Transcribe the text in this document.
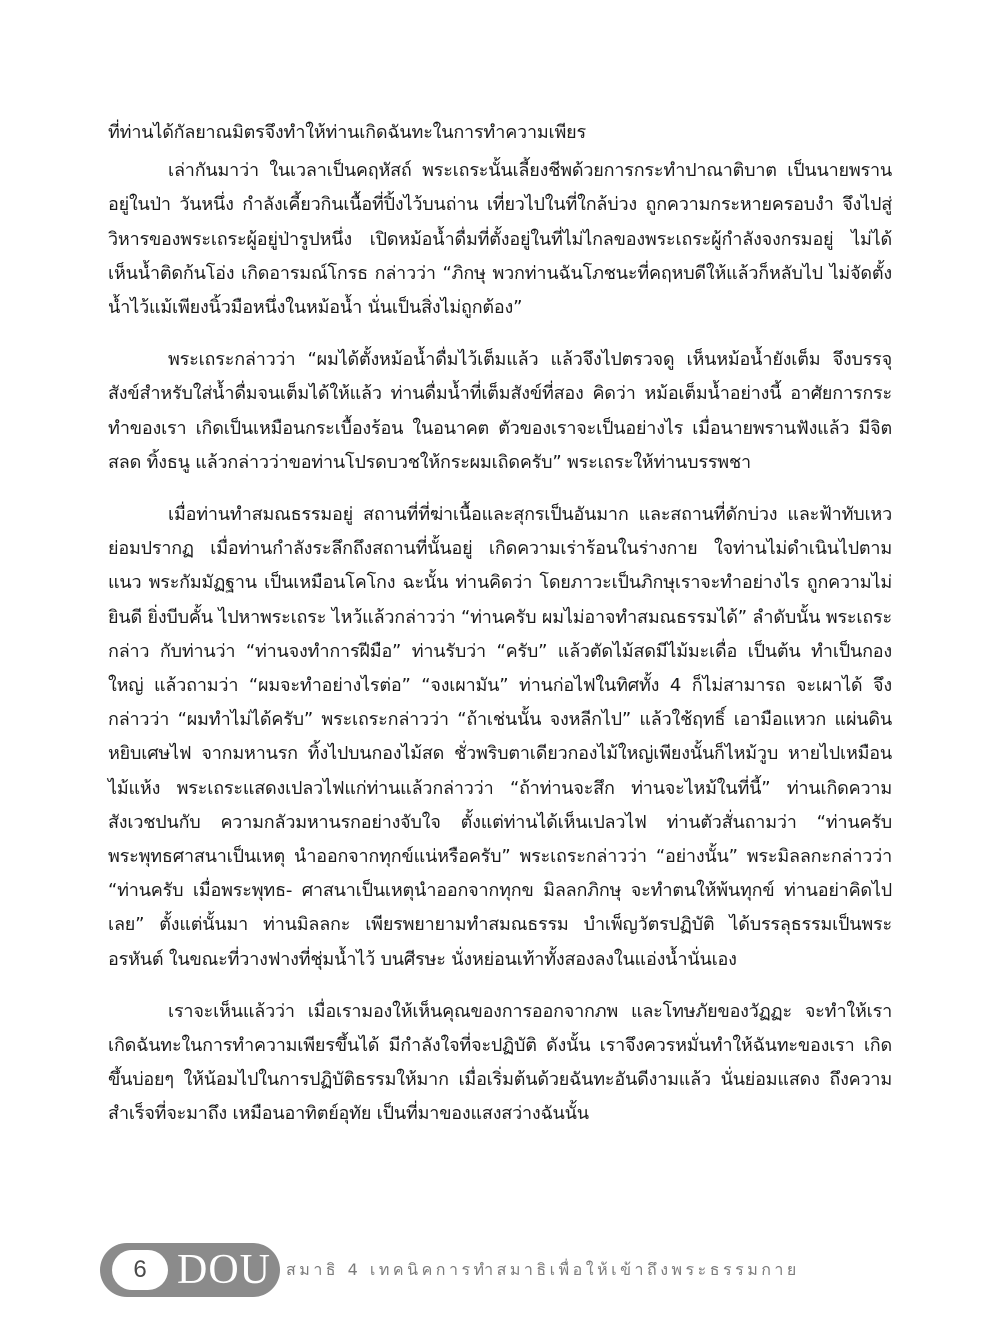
ที่ท่านได้กัลยาณมิตรจึงทำให้ท่านเกิดฉันทะในการทำความเพียร

เล่ากันมาว่า ในเวลาเป็นคฤหัสถ์ พระเถระนั้นเลี้ยงชีพด้วยการกระทำปาณาติบาต เป็นนายพรานอยู่ในป่า วันหนึ่ง กำลังเคี้ยวกินเนื้อที่ปิ้งไว้บนถ่าน เที่ยวไปในที่ใกล้บ่วง ถูกความกระหายครอบงำ จึงไปสู่วิหารของพระเถระผู้อยู่ป่ารูปหนึ่ง เปิดหม้อน้ำดื่มที่ตั้งอยู่ในที่ไม่ไกลของพระเถระผู้กำลังจงกรมอยู่ ไม่ได้เห็นน้ำติดก้นโอ่ง เกิดอารมณ์โกรธ กล่าวว่า “ภิกษุ พวกท่านฉันโภชนะที่คฤหบดีให้แล้วก็หลับไป ไม่จัดตั้งน้ำไว้แม้เพียงนิ้วมือหนึ่งในหม้อน้ำ นั่นเป็นสิ่งไม่ถูกต้อง”

พระเถระกล่าวว่า “ผมได้ตั้งหม้อน้ำดื่มไว้เต็มแล้ว แล้วจึงไปตรวจดู เห็นหม้อน้ำยังเต็ม จึงบรรจุสังข์สำหรับใส่น้ำดื่มจนเต็มได้ให้แล้ว ท่านดื่มน้ำที่เต็มสังข์ที่สอง คิดว่า หม้อเต็มน้ำอย่างนี้ อาศัยการกระทำของเรา เกิดเป็นเหมือนกระเบื้องร้อน ในอนาคต ตัวของเราจะเป็นอย่างไร เมื่อนายพรานฟังแล้ว มีจิตสลด ทิ้งธนู แล้วกล่าวว่าขอท่านโปรดบวชให้กระผมเถิดครับ” พระเถระให้ท่านบรรพชา

เมื่อท่านทำสมณธรรมอยู่ สถานที่ที่ฆ่าเนื้อและสุกรเป็นอันมาก และสถานที่ดักบ่วง และฟ้าทับเหว ย่อมปรากฏ เมื่อท่านกำลังระลึกถึงสถานที่นั้นอยู่ เกิดความเร่าร้อนในร่างกาย ใจท่านไม่ดำเนินไปตามแนว พระกัมมัฏฐาน เป็นเหมือนโคโกง ฉะนั้น ท่านคิดว่า โดยภาวะเป็นภิกษุเราจะทำอย่างไร ถูกความไม่ยินดี ยิ่งบีบคั้น ไปหาพระเถระ ไหว้แล้วกล่าวว่า “ท่านครับ ผมไม่อาจทำสมณธรรมได้” ลำดับนั้น พระเถระกล่าว กับท่านว่า “ท่านจงทำการฝีมือ” ท่านรับว่า “ครับ” แล้วตัดไม้สดมีไม้มะเดื่อ เป็นต้น ทำเป็นกองใหญ่ แล้วถามว่า “ผมจะทำอย่างไรต่อ” “จงเผามัน” ท่านก่อไฟในทิศทั้ง 4 ก็ไม่สามารถ จะเผาได้ จึงกล่าวว่า “ผมทำไม่ได้ครับ” พระเถระกล่าวว่า “ถ้าเช่นนั้น จงหลีกไป” แล้วใช้ฤทธิ์ เอามือแหวก แผ่นดิน หยิบเศษไฟ จากมหานรก ทิ้งไปบนกองไม้สด ชั่วพริบตาเดียวกองไม้ใหญ่เพียงนั้นก็ไหม้วูบ หายไปเหมือนไม้แห้ง พระเถระแสดงเปลวไฟแก่ท่านแล้วกล่าวว่า “ถ้าท่านจะสึก ท่านจะไหม้ในที่นี้” ท่านเกิดความสังเวชปนกับ ความกลัวมหานรกอย่างจับใจ ตั้งแต่ท่านได้เห็นเปลวไฟ ท่านตัวสั่นถามว่า “ท่านครับ พระพุทธศาสนาเป็นเหตุ นำออกจากทุกข์แน่หรือครับ” พระเถระกล่าวว่า “อย่างนั้น” พระมิลลกะกล่าวว่า “ท่านครับ เมื่อพระพุทธ- ศาสนาเป็นเหตุนำออกจากทุกข มิลลกภิกษุ จะทำตนให้พ้นทุกข์ ท่านอย่าคิดไปเลย” ตั้งแต่นั้นมา ท่านมิลลกะ เพียรพยายามทำสมณธรรม บำเพ็ญวัตรปฏิบัติ ได้บรรลุธรรมเป็นพระอรหันต์ ในขณะที่วางฟางที่ชุ่มน้ำไว้ บนศีรษะ นั่งหย่อนเท้าทั้งสองลงในแอ่งน้ำนั่นเอง

เราจะเห็นแล้วว่า เมื่อเรามองให้เห็นคุณของการออกจากภพ และโทษภัยของวัฏฏะ จะทำให้เรา เกิดฉันทะในการทำความเพียรขึ้นได้ มีกำลังใจที่จะปฏิบัติ ดังนั้น เราจึงควรหมั่นทำให้ฉันทะของเรา เกิดขึ้นบ่อยๆ ให้น้อมไปในการปฏิบัติธรรมให้มาก เมื่อเริ่มต้นด้วยฉันทะอันดีงามแล้ว นั่นย่อมแสดง ถึงความสำเร็จที่จะมาถึง เหมือนอาทิตย์อุทัย เป็นที่มาของแสงสว่างฉันนั้น

6 DOU สมาธิ 4 เทคนิคการทำสมาธิเพื่อให้เข้าถึงพระธรรมกาย
